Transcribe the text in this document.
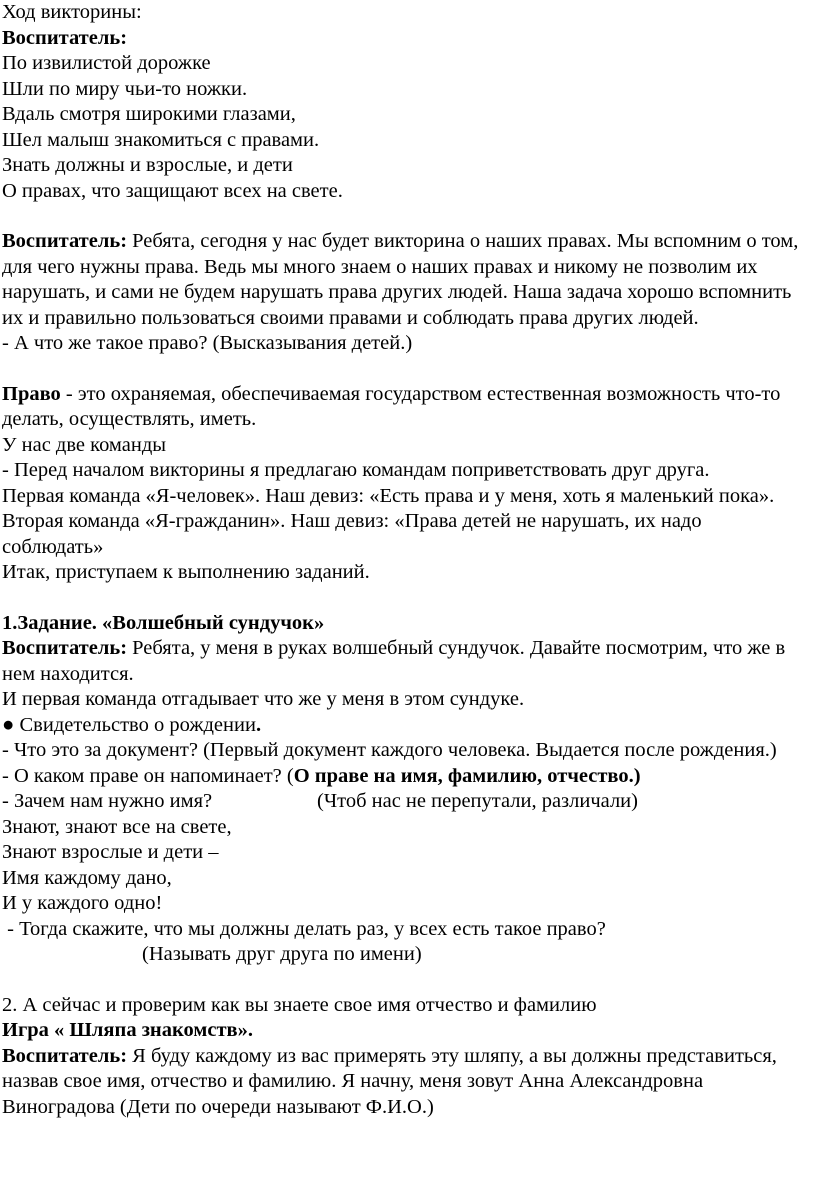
Ход викторины:
Воспитатель:
По извилистой дорожке
Шли по миру чьи-то ножки.
Вдаль смотря широкими глазами,
Шел малыш знакомиться с правами.
Знать должны и взрослые, и дети
О правах, что защищают всех на свете.
Воспитатель: Ребята, сегодня у нас будет викторина о наших правах. Мы вспомним о том, для чего нужны права. Ведь мы много знаем о наших правах и никому не позволим их нарушать, и сами не будем нарушать права других людей. Наша задача хорошо вспомнить их и правильно пользоваться своими правами и соблюдать права других людей.
- А что же такое право? (Высказывания детей.)
Право - это охраняемая, обеспечиваемая государством естественная возможность что-то делать, осуществлять, иметь.
У нас две команды
- Перед началом викторины я предлагаю командам поприветствовать друг друга.
Первая команда «Я-человек». Наш девиз: «Есть права и у меня, хоть я маленький пока».
Вторая команда «Я-гражданин». Наш девиз: «Права детей не нарушать, их надо соблюдать»
Итак, приступаем к выполнению заданий.
1.Задание. «Волшебный сундучок»
Воспитатель: Ребята, у меня в руках волшебный сундучок. Давайте посмотрим, что же в нем находится.
И первая команда отгадывает что же у меня в этом сундуке.
● Свидетельство о рождении.
- Что это за документ? (Первый документ каждого человека. Выдается после рождения.)
- О каком праве он напоминает? (О праве на имя, фамилию, отчество.)
- Зачем нам нужно имя?	(Чтоб нас не перепутали, различали)
Знают, знают все на свете,
Знают взрослые и дети –
Имя каждому дано,
И у каждого одно!
- Тогда скажите, что мы должны делать раз, у всех есть такое право?
(Называть друг друга по имени)
2. А сейчас и проверим как вы знаете свое имя отчество и фамилию
Игра « Шляпа знакомств».
Воспитатель: Я буду каждому из вас примерять эту шляпу, а вы должны представиться, назвав свое имя, отчество и фамилию. Я начну, меня зовут Анна Александровна Виноградова (Дети по очереди называют Ф.И.О.)
